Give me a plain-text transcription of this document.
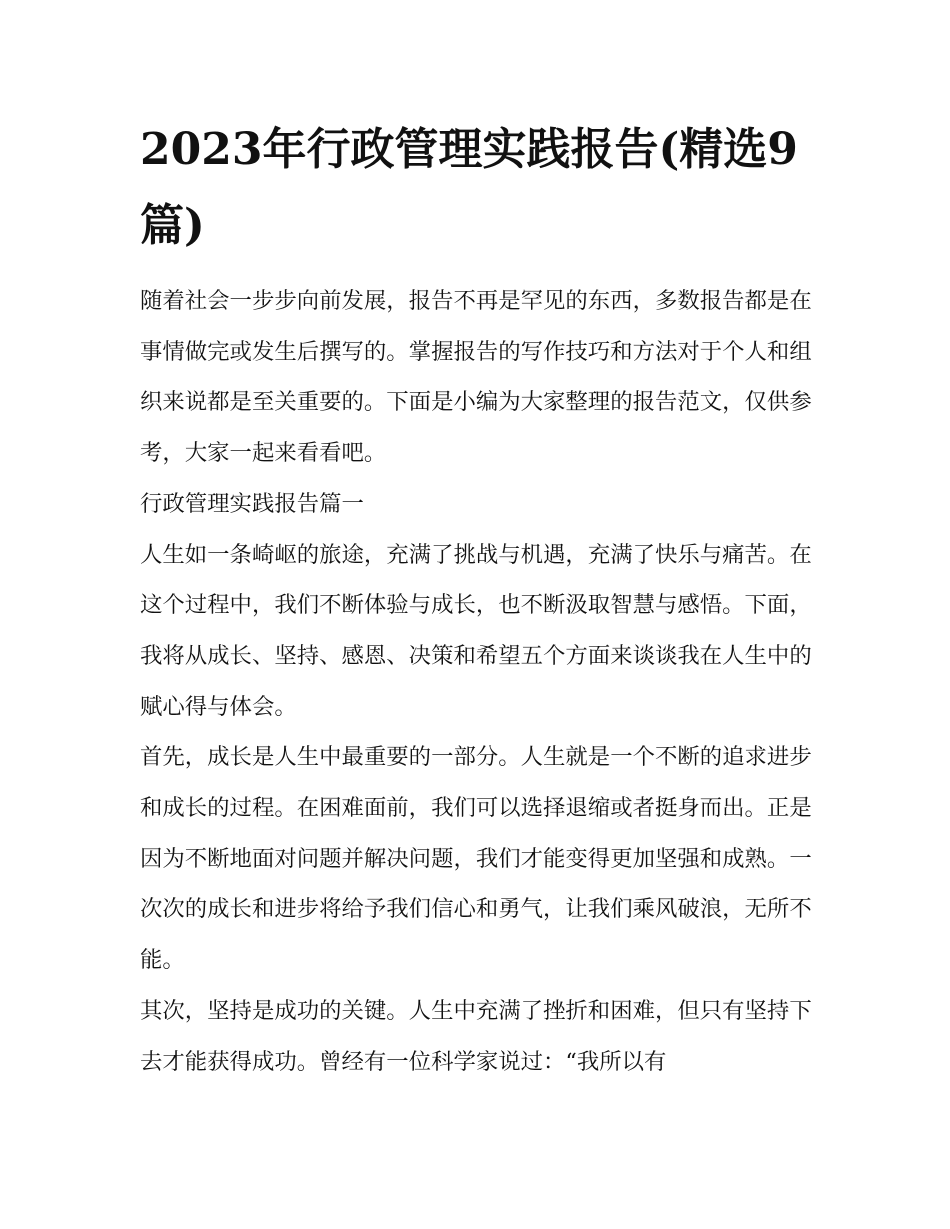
2023年行政管理实践报告(精选9篇)

随着社会一步步向前发展，报告不再是罕见的东西，多数报告都是在事情做完或发生后撰写的。掌握报告的写作技巧和方法对于个人和组织来说都是至关重要的。下面是小编为大家整理的报告范文，仅供参考，大家一起来看看吧。

行政管理实践报告篇一

人生如一条崎岖的旅途，充满了挑战与机遇，充满了快乐与痛苦。在这个过程中，我们不断体验与成长，也不断汲取智慧与感悟。下面，我将从成长、坚持、感恩、决策和希望五个方面来谈谈我在人生中的赋心得与体会。

首先，成长是人生中最重要的一部分。人生就是一个不断的追求进步和成长的过程。在困难面前，我们可以选择退缩或者挺身而出。正是因为不断地面对问题并解决问题，我们才能变得更加坚强和成熟。一次次的成长和进步将给予我们信心和勇气，让我们乘风破浪，无所不能。

其次，坚持是成功的关键。人生中充满了挫折和困难，但只有坚持下去才能获得成功。曾经有一位科学家说过：“我所以有
